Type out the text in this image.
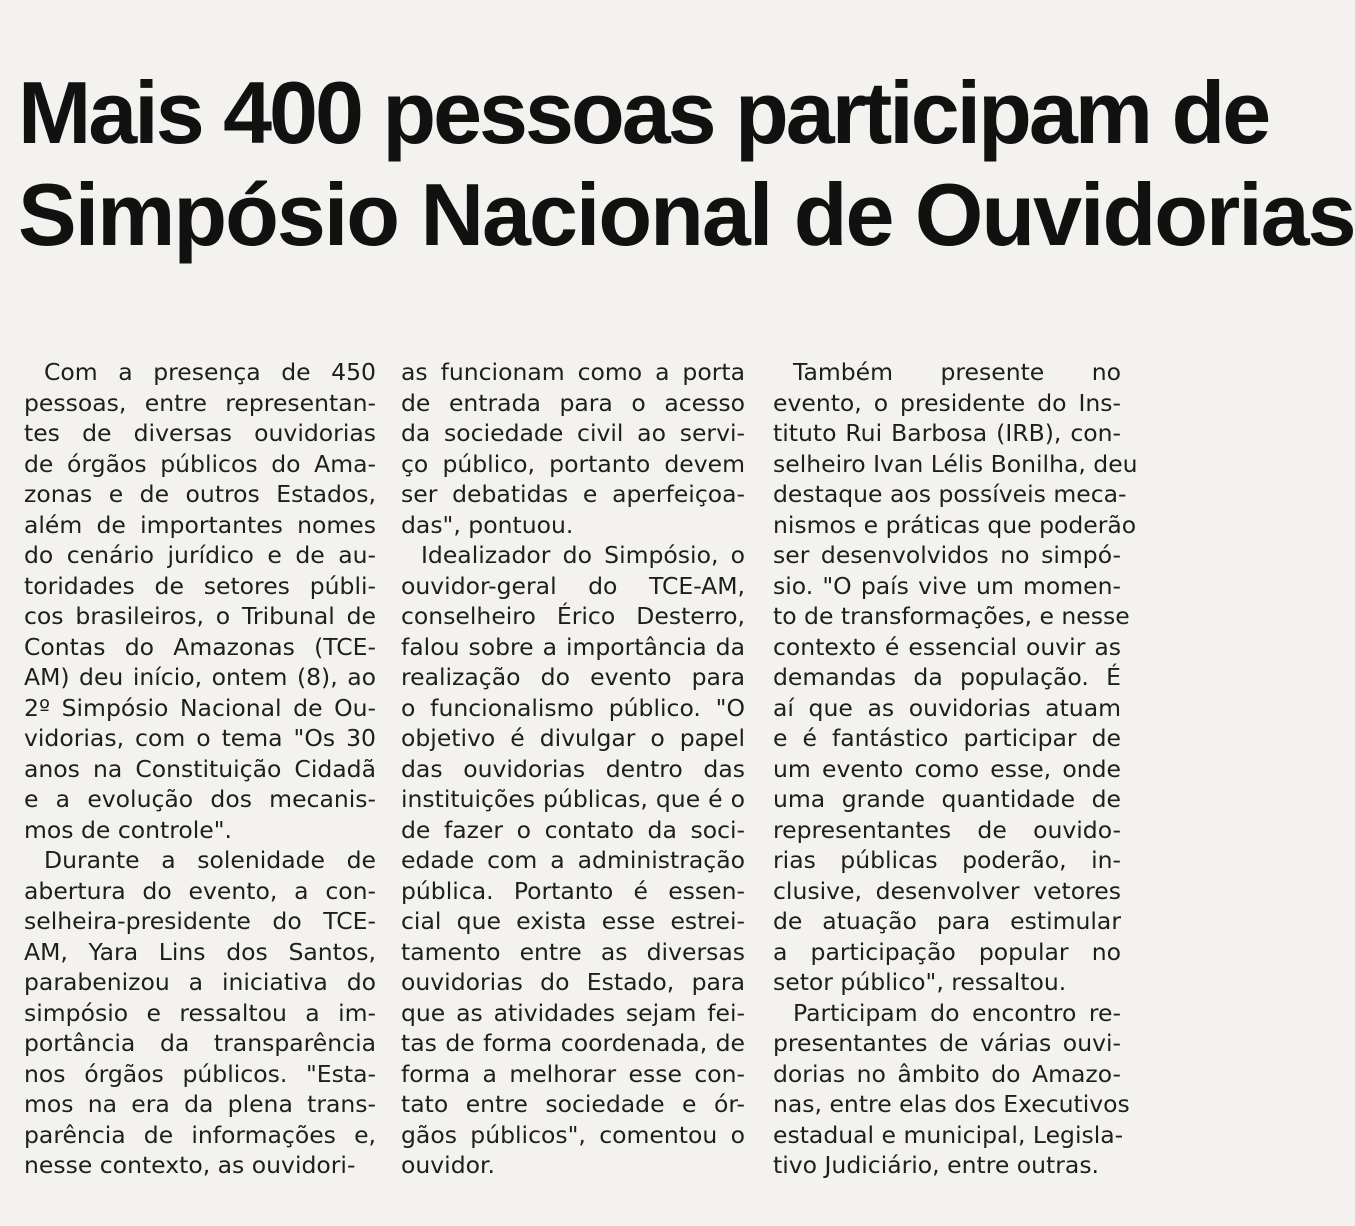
Mais 400 pessoas participam de
Simpósio Nacional de Ouvidorias
Com a presença de 450
pessoas, entre representan-
tes de diversas ouvidorias
de órgãos públicos do Ama-
zonas e de outros Estados,
além de importantes nomes
do cenário jurídico e de au-
toridades de setores públi-
cos brasileiros, o Tribunal de
Contas do Amazonas (TCE-
AM) deu início, ontem (8), ao
2º Simpósio Nacional de Ou-
vidorias, com o tema "Os 30
anos na Constituição Cidadã
e a evolução dos mecanis-
mos de controle".
Durante a solenidade de
abertura do evento, a con-
selheira-presidente do TCE-
AM, Yara Lins dos Santos,
parabenizou a iniciativa do
simpósio e ressaltou a im-
portância da transparência
nos órgãos públicos. "Esta-
mos na era da plena trans-
parência de informações e,
nesse contexto, as ouvidori-
as funcionam como a porta
de entrada para o acesso
da sociedade civil ao servi-
ço público, portanto devem
ser debatidas e aperfeiçoa-
das", pontuou.
Idealizador do Simpósio, o
ouvidor-geral do TCE-AM,
conselheiro Érico Desterro,
falou sobre a importância da
realização do evento para
o funcionalismo público. "O
objetivo é divulgar o papel
das ouvidorias dentro das
instituições públicas, que é o
de fazer o contato da soci-
edade com a administração
pública. Portanto é essen-
cial que exista esse estrei-
tamento entre as diversas
ouvidorias do Estado, para
que as atividades sejam fei-
tas de forma coordenada, de
forma a melhorar esse con-
tato entre sociedade e ór-
gãos públicos", comentou o
ouvidor.
Também presente no
evento, o presidente do Ins-
tituto Rui Barbosa (IRB), con-
selheiro Ivan Lélis Bonilha, deu
destaque aos possíveis meca-
nismos e práticas que poderão
ser desenvolvidos no simpó-
sio. "O país vive um momen-
to de transformações, e nesse
contexto é essencial ouvir as
demandas da população. É
aí que as ouvidorias atuam
e é fantástico participar de
um evento como esse, onde
uma grande quantidade de
representantes de ouvido-
rias públicas poderão, in-
clusive, desenvolver vetores
de atuação para estimular
a participação popular no
setor público", ressaltou.
Participam do encontro re-
presentantes de várias ouvi-
dorias no âmbito do Amazo-
nas, entre elas dos Executivos
estadual e municipal, Legisla-
tivo Judiciário, entre outras.
